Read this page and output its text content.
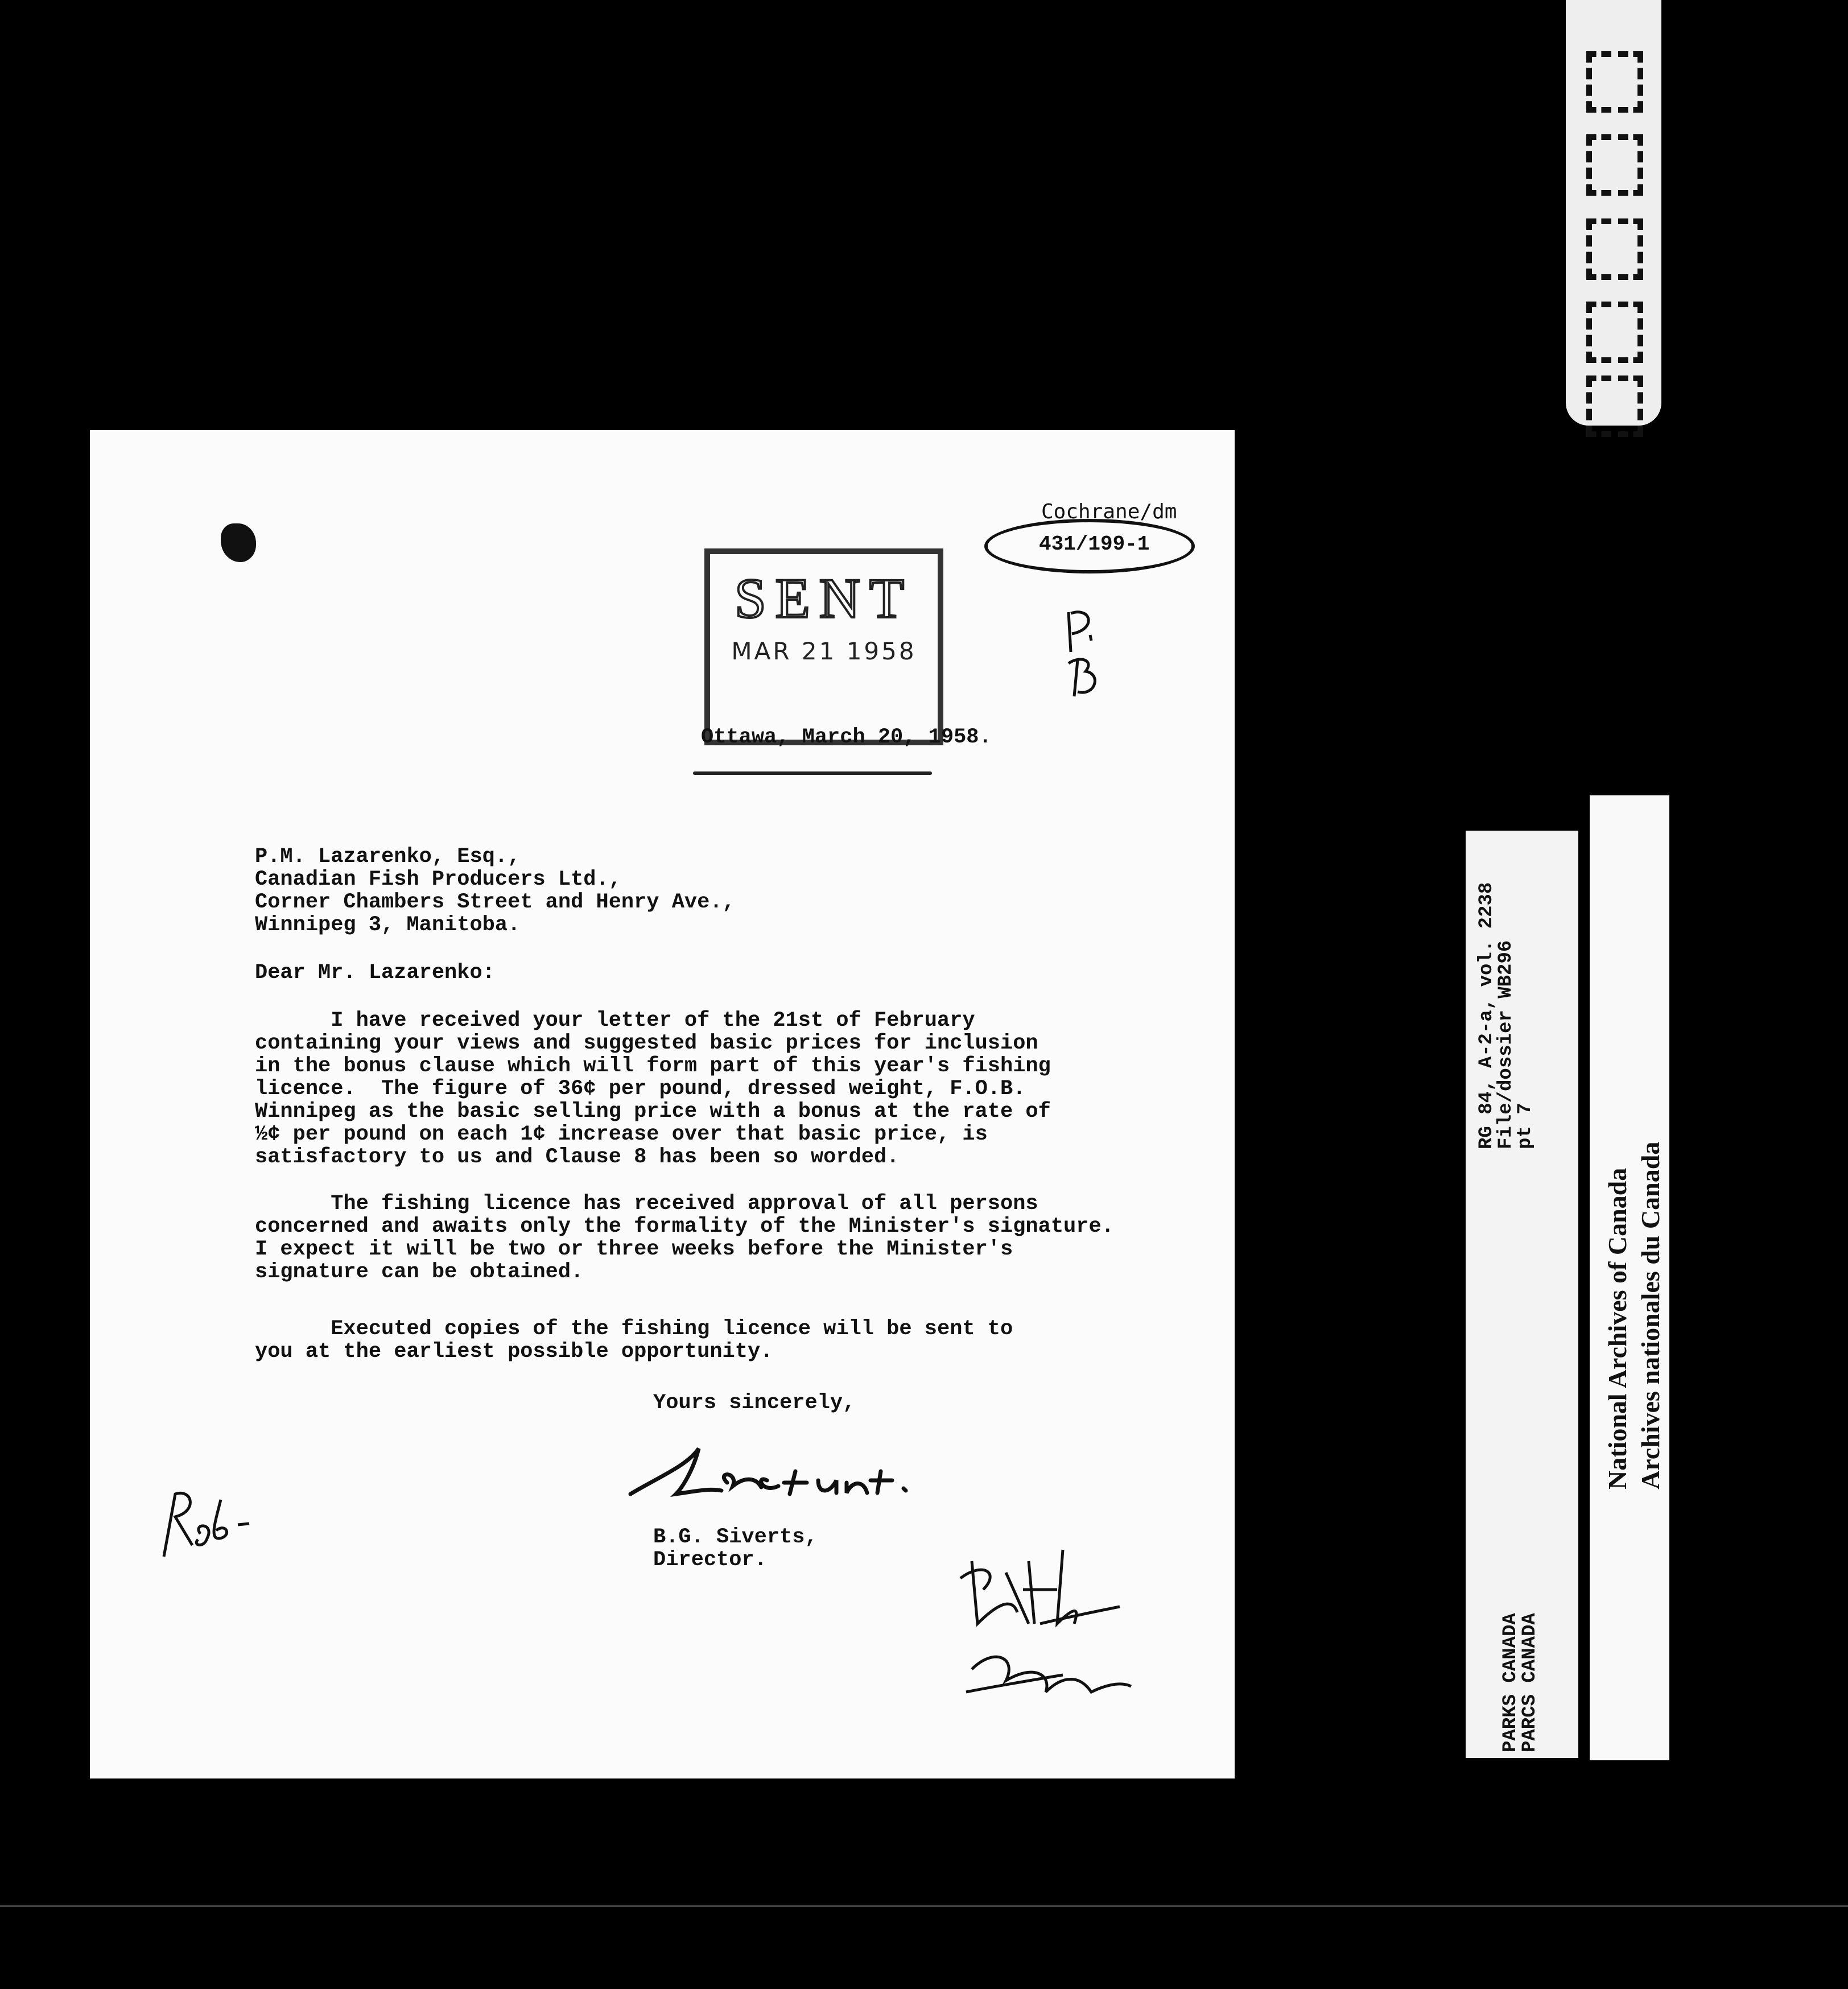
Cochrane/dm
431/199-1
SENT
MAR 21 1958
Ottawa, March 20, 1958.
P.M. Lazarenko, Esq.,
Canadian Fish Producers Ltd.,
Corner Chambers Street and Henry Ave.,
Winnipeg 3, Manitoba.
Dear Mr. Lazarenko:
I have received your letter of the 21st of February
containing your views and suggested basic prices for inclusion
in the bonus clause which will form part of this year's fishing
licence.  The figure of 36¢ per pound, dressed weight, F.O.B.
Winnipeg as the basic selling price with a bonus at the rate of
½¢ per pound on each 1¢ increase over that basic price, is
satisfactory to us and Clause 8 has been so worded.
The fishing licence has received approval of all persons
concerned and awaits only the formality of the Minister's signature.
I expect it will be two or three weeks before the Minister's
signature can be obtained.
Executed copies of the fishing licence will be sent to
you at the earliest possible opportunity.
Yours sincerely,
B.G. Siverts,
Director.
RG 84, A-2-a, vol. 2238
File/dossier WB296
pt 7
PARKS CANADA
PARCS CANADA
National Archives of Canada
Archives nationales du Canada
